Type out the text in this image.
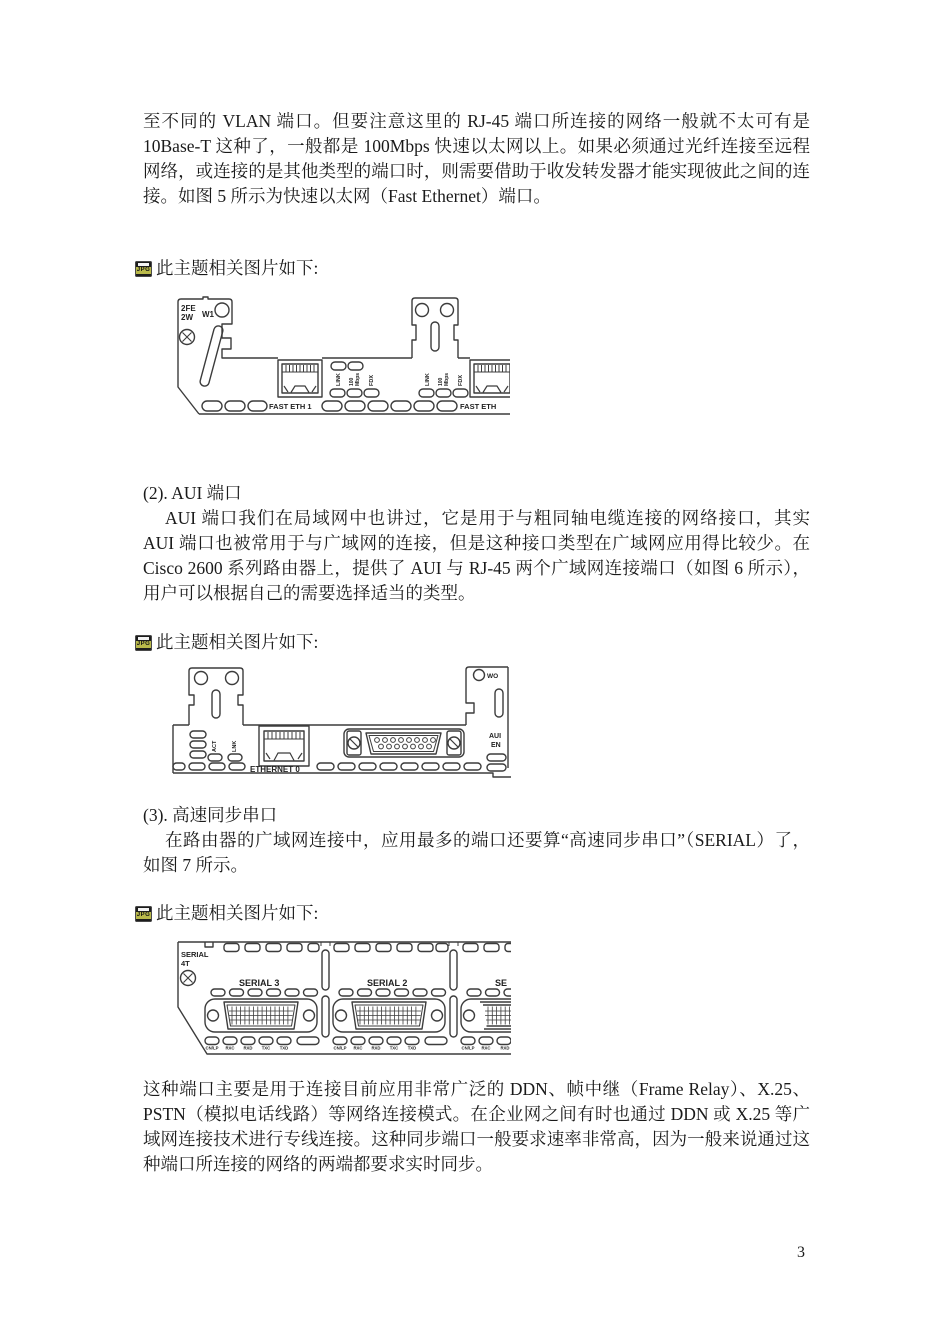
至不同的 VLAN 端口。但要注意这里的 RJ-45 端口所连接的网络一般就不太可有是 10Base-T 这种了，一般都是 100Mbps 快速以太网以上。如果必须通过光纤连接至远程网络，或连接的是其他类型的端口时，则需要借助于收发转发器才能实现彼此之间的连接。如图 5 所示为快速以太网（Fast Ethernet）端口。

JPG 此主题相关图片如下:
2FE
2W W1
FAST ETH 1	FAST ETH
LINK 100 Mbps FDX	LINK 100 Mbps FDX

(2). AUI 端口
AUI 端口我们在局域网中也讲过，它是用于与粗同轴电缆连接的网络接口，其实 AUI 端口也被常用于与广域网的连接，但是这种接口类型在广域网应用得比较少。在 Cisco 2600 系列路由器上，提供了 AUI 与 RJ-45 两个广域网连接端口（如图 6 所示），用户可以根据自己的需要选择适当的类型。

JPG 此主题相关图片如下:
ACT	LNK
ETHERNET 0
AUI
EN
WO

(3). 高速同步串口
在路由器的广域网连接中，应用最多的端口还要算“高速同步串口”（SERIAL）了，如图 7 所示。

JPG 此主题相关图片如下:
SERIAL
4T
SERIAL 3	SERIAL 2	SE
CN/LP RXC RXD TXC TXD	CN/LP RXC RXD TXC TXD	CN/LP RXC RXD

这种端口主要是用于连接目前应用非常广泛的 DDN、帧中继（Frame Relay）、X.25、PSTN（模拟电话线路）等网络连接模式。在企业网之间有时也通过 DDN 或 X.25 等广域网连接技术进行专线连接。这种同步端口一般要求速率非常高，因为一般来说通过这种端口所连接的网络的两端都要求实时同步。

3
